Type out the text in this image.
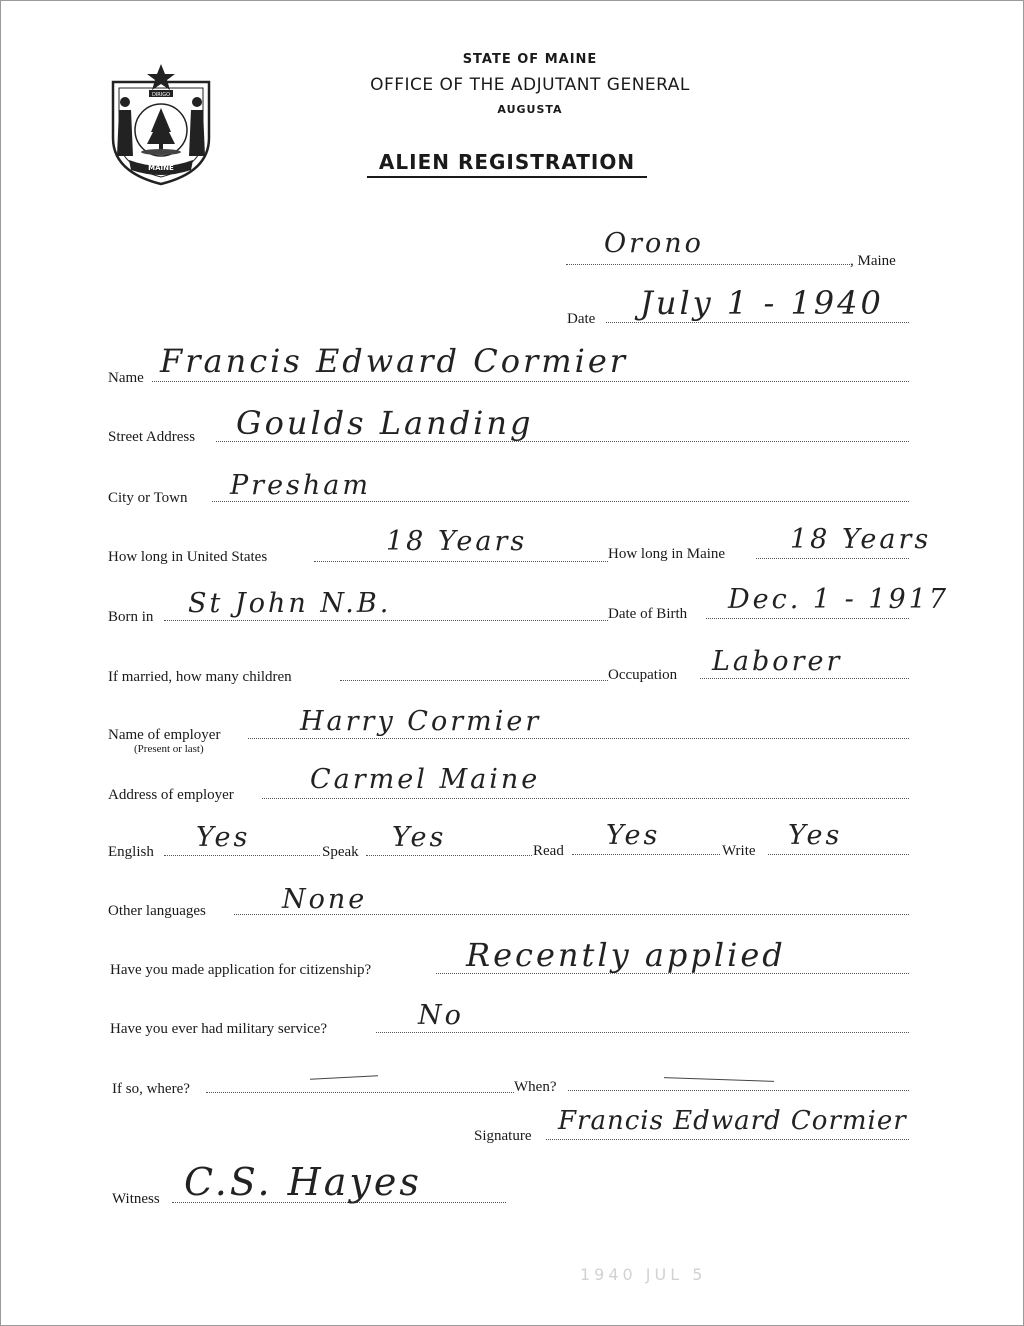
DIRIGO
MAINE
STATE OF MAINE
OFFICE OF THE ADJUTANT GENERAL
AUGUSTA
ALIEN REGISTRATION
Orono
, Maine
Date July 1 - 1940
Name Francis Edward Cormier
Street Address Goulds Landing
City or Town Presham
How long in United States	18 Years	How long in Maine 18 Years
Born in St John N.B.	Date of Birth Dec. 1 - 1917
If married, how many children	Occupation Laborer
Name of employer
(Present or last)
Harry Cormier
Address of employer	Carmel Maine
English Yes	Speak Yes	Read Yes	Write Yes
Other languages	None
Have you made application for citizenship?	Recently applied
Have you ever had military service?	No
If so, where?	When?
Signature Francis Edward Cormier
Witness C.S. Hayes
1940 JUL 5
